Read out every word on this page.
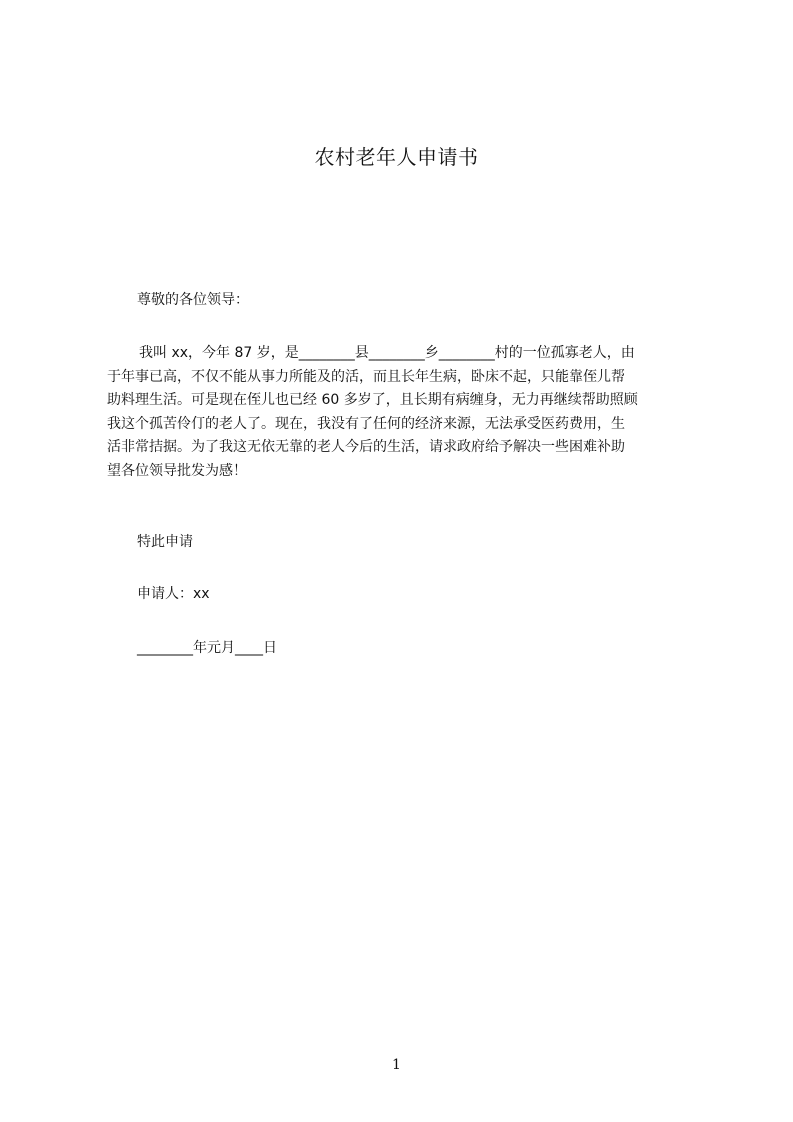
农村老年人申请书
尊敬的各位领导：
我叫 xx，今年 87 岁，是________县________乡________村的一位孤寡老人，由
于年事已高，不仅不能从事力所能及的活，而且长年生病，卧床不起，只能靠侄儿帮
助料理生活。可是现在侄儿也已经 60 多岁了，且长期有病缠身，无力再继续帮助照顾
我这个孤苦伶仃的老人了。现在，我没有了任何的经济来源，无法承受医药费用，生
活非常拮据。为了我这无依无靠的老人今后的生活，请求政府给予解决一些困难补助
望各位领导批发为感！
特此申请
申请人：xx
________年元月____日
1
